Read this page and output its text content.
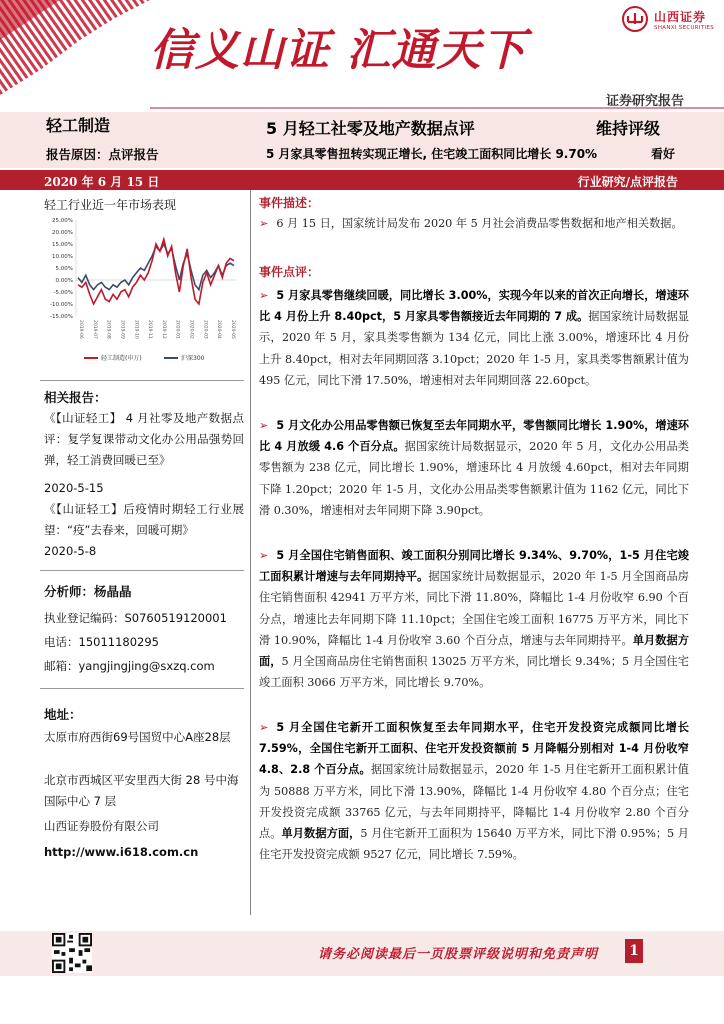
信义山证 汇通天下
山西证券
SHANXI SECURITIES
证券研究报告
轻工制造	5 月轻工社零及地产数据点评	维持评级
报告原因：点评报告	5 月家具零售扭转实现正增长, 住宅竣工面积同比增长 9.70%	看好
2020 年 6 月 15 日	行业研究/点评报告
轻工行业近一年市场表现
25.00%
20.00%
15.00%
10.00%
5.00%
0.00%
-5.00%
-10.00%
-15.00%
2019-06 2019-07 2019-08 2019-09 2019-10 2019-11 2019-12 2020-01 2020-02 2020-03 2020-04 2020-05
轻工制造(申万)	沪深300
相关报告：
《【山证轻工】 4 月社零及地产数据点评：复学复课带动文化办公用品强势回弹，轻工消费回暖已至》
2020-5-15
《【山证轻工】后疫情时期轻工行业展望：“疫”去春来，回暖可期》
2020-5-8
分析师：杨晶晶
执业登记编码：S0760519120001
电话：15011180295
邮箱：yangjingjing@sxzq.com
地址：
太原市府西街69号国贸中心A座28层
北京市西城区平安里西大街 28 号中海国际中心 7 层
山西证券股份有限公司
http://www.i618.com.cn
事件描述：
➢ 6 月 15 日，国家统计局发布 2020 年 5 月社会消费品零售数据和地产相关数据。
事件点评：
➢ 5 月家具零售继续回暖，同比增长 3.00%，实现今年以来的首次正向增长，增速环比 4 月份上升 8.40pct，5 月家具零售额接近去年同期的 7 成。据国家统计局数据显示，2020 年 5 月，家具类零售额为 134 亿元，同比上涨 3.00%，增速环比 4 月份上升 8.40pct，相对去年同期回落 3.10pct；2020 年 1-5 月，家具类零售额累计值为 495 亿元，同比下滑 17.50%，增速相对去年同期回落 22.60pct。
➢ 5 月文化办公用品零售额已恢复至去年同期水平，零售额同比增长 1.90%，增速环比 4 月放缓 4.6 个百分点。据国家统计局数据显示，2020 年 5 月，文化办公用品类零售额为 238 亿元，同比增长 1.90%，增速环比 4 月放缓 4.60pct，相对去年同期下降 1.20pct；2020 年 1-5 月，文化办公用品类零售额累计值为 1162 亿元，同比下滑 0.30%，增速相对去年同期下降 3.90pct。
➢ 5 月全国住宅销售面积、竣工面积分别同比增长 9.34%、9.70%，1-5 月住宅竣工面积累计增速与去年同期持平。据国家统计局数据显示，2020 年 1-5 月全国商品房住宅销售面积 42941 万平方米，同比下滑 11.80%，降幅比 1-4 月份收窄 6.90 个百分点，增速比去年同期下降 11.10pct；全国住宅竣工面积 16775 万平方米，同比下滑 10.90%，降幅比 1-4 月份收窄 3.60 个百分点，增速与去年同期持平。单月数据方面，5 月全国商品房住宅销售面积 13025 万平方米，同比增长 9.34%；5 月全国住宅竣工面积 3066 万平方米，同比增长 9.70%。
➢ 5 月全国住宅新开工面积恢复至去年同期水平，住宅开发投资完成额同比增长 7.59%，全国住宅新开工面积、住宅开发投资额前 5 月降幅分别相对 1-4 月份收窄 4.8、2.8 个百分点。据国家统计局数据显示，2020 年 1-5 月住宅新开工面积累计值为 50888 万平方米，同比下滑 13.90%，降幅比 1-4 月份收窄 4.80 个百分点；住宅开发投资完成额 33765 亿元，与去年同期持平，降幅比 1-4 月份收窄 2.80 个百分点。单月数据方面，5 月住宅新开工面积为 15640 万平方米，同比下滑 0.95%；5 月住宅开发投资完成额 9527 亿元，同比增长 7.59%。
请务必阅读最后一页股票评级说明和免责声明 1
